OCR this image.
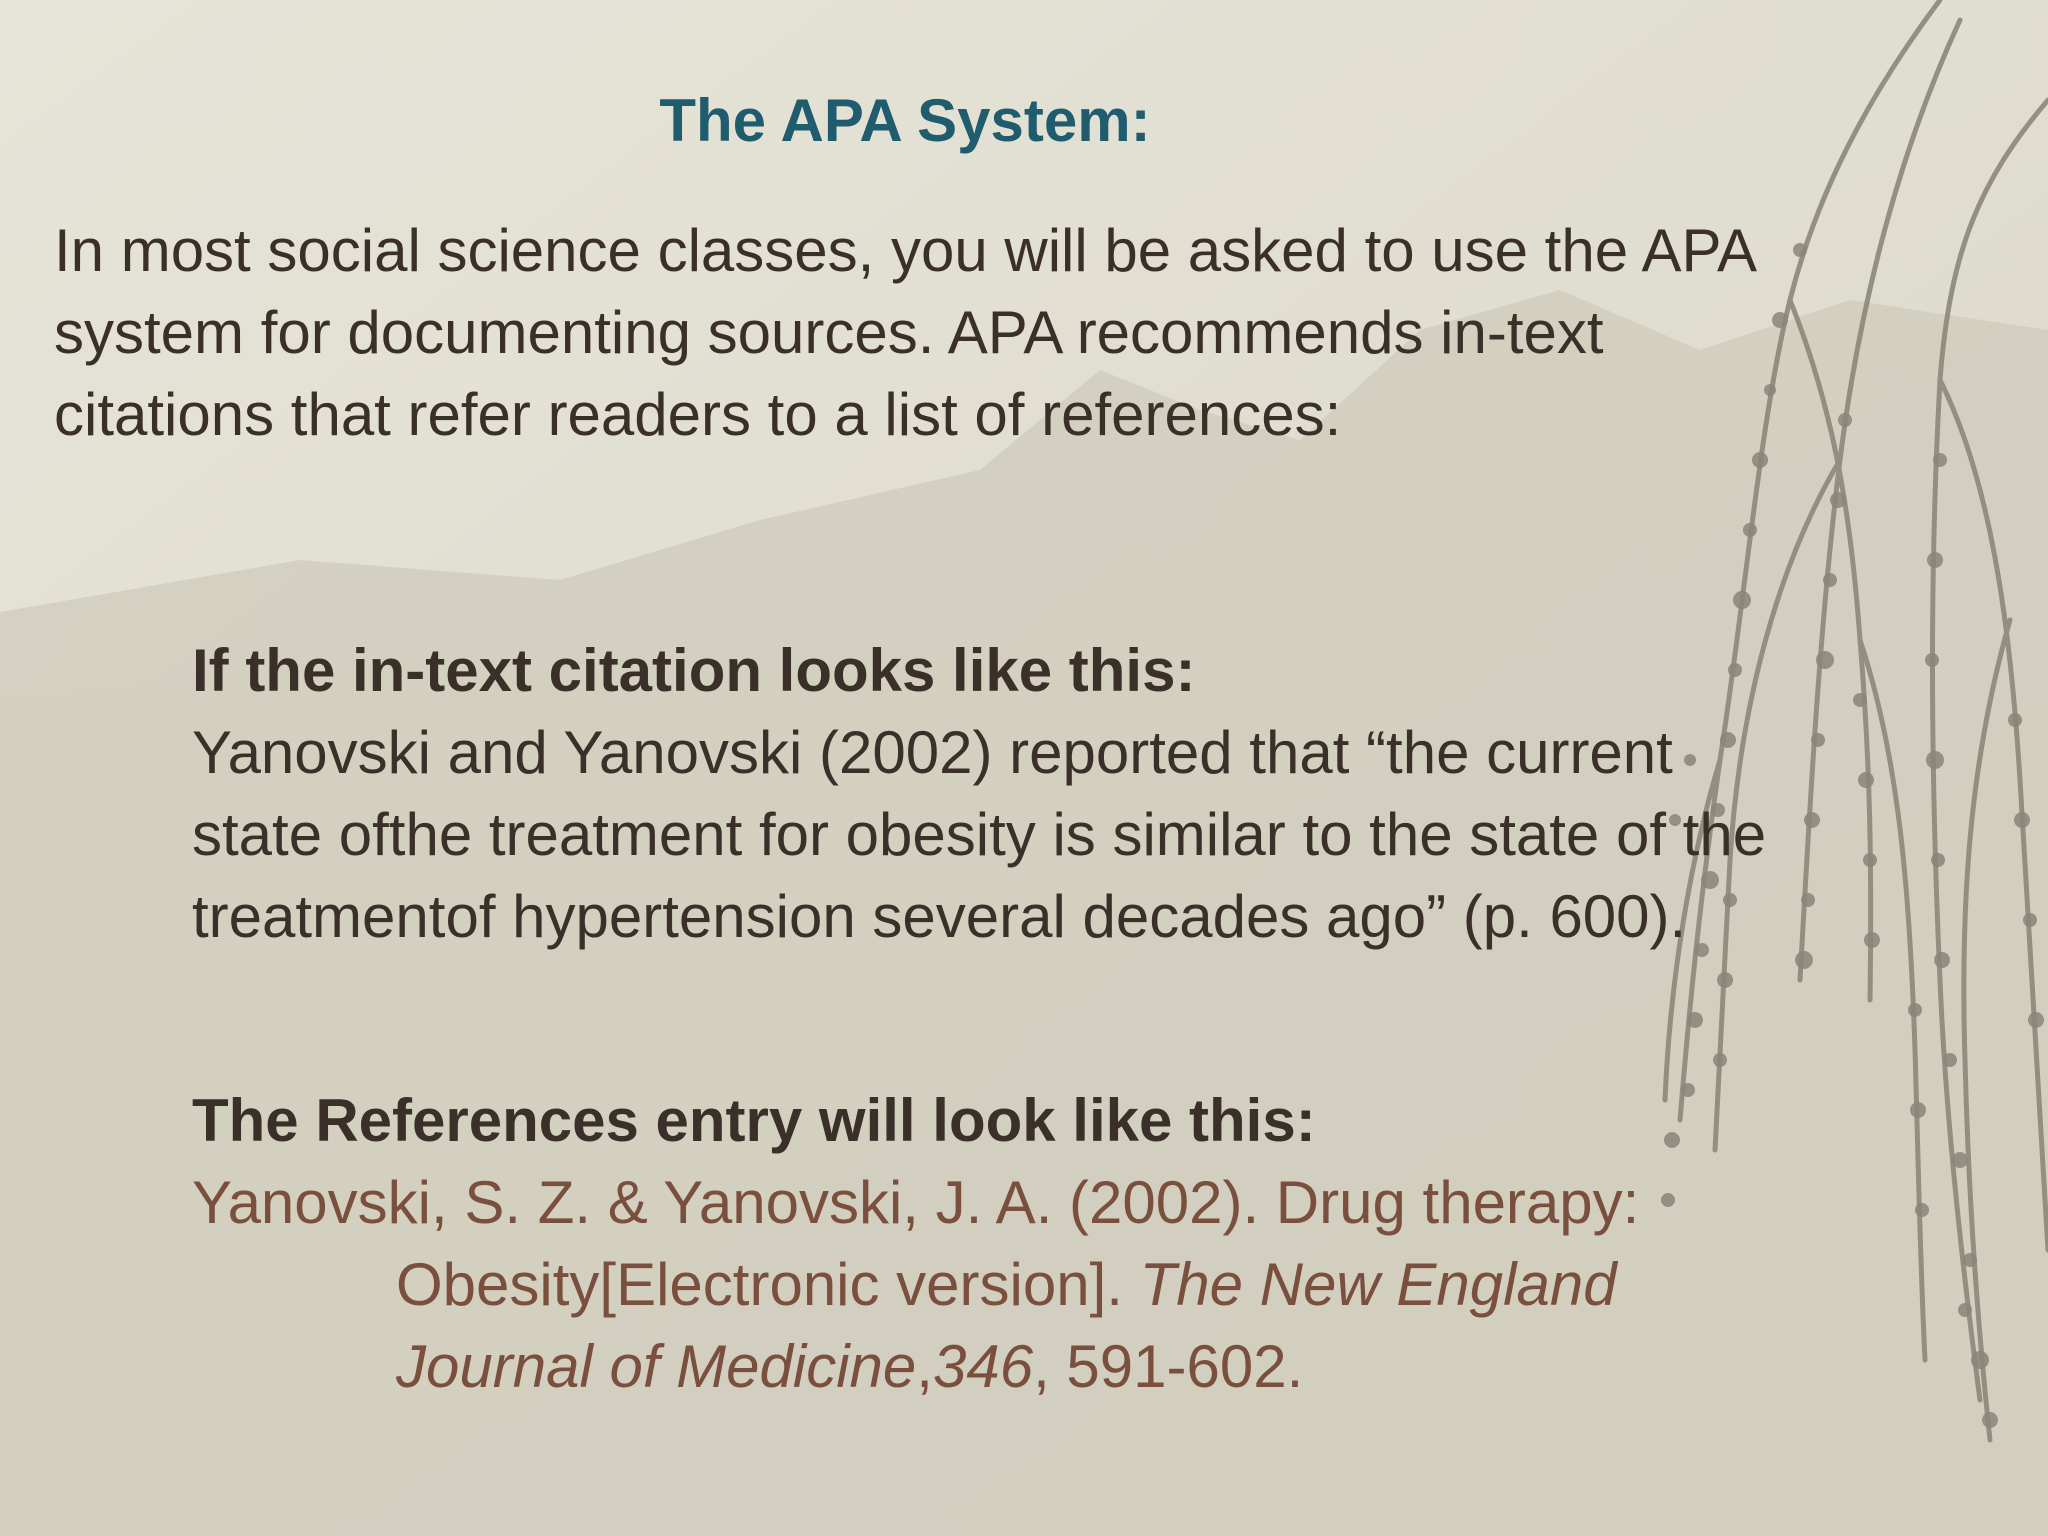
The APA System:

In most social science classes, you will be asked to use the APA system for documenting sources. APA recommends in-text citations that refer readers to a list of references:

If the in-text citation looks like this:
Yanovski and Yanovski (2002) reported that “the current state ofthe treatment for obesity is similar to the state of the treatmentof hypertension several decades ago” (p. 600).
The References entry will look like this:
Yanovski, S. Z. & Yanovski, J. A. (2002). Drug therapy: Obesity[Electronic version]. The New England Journal of Medicine,346, 591-602.
